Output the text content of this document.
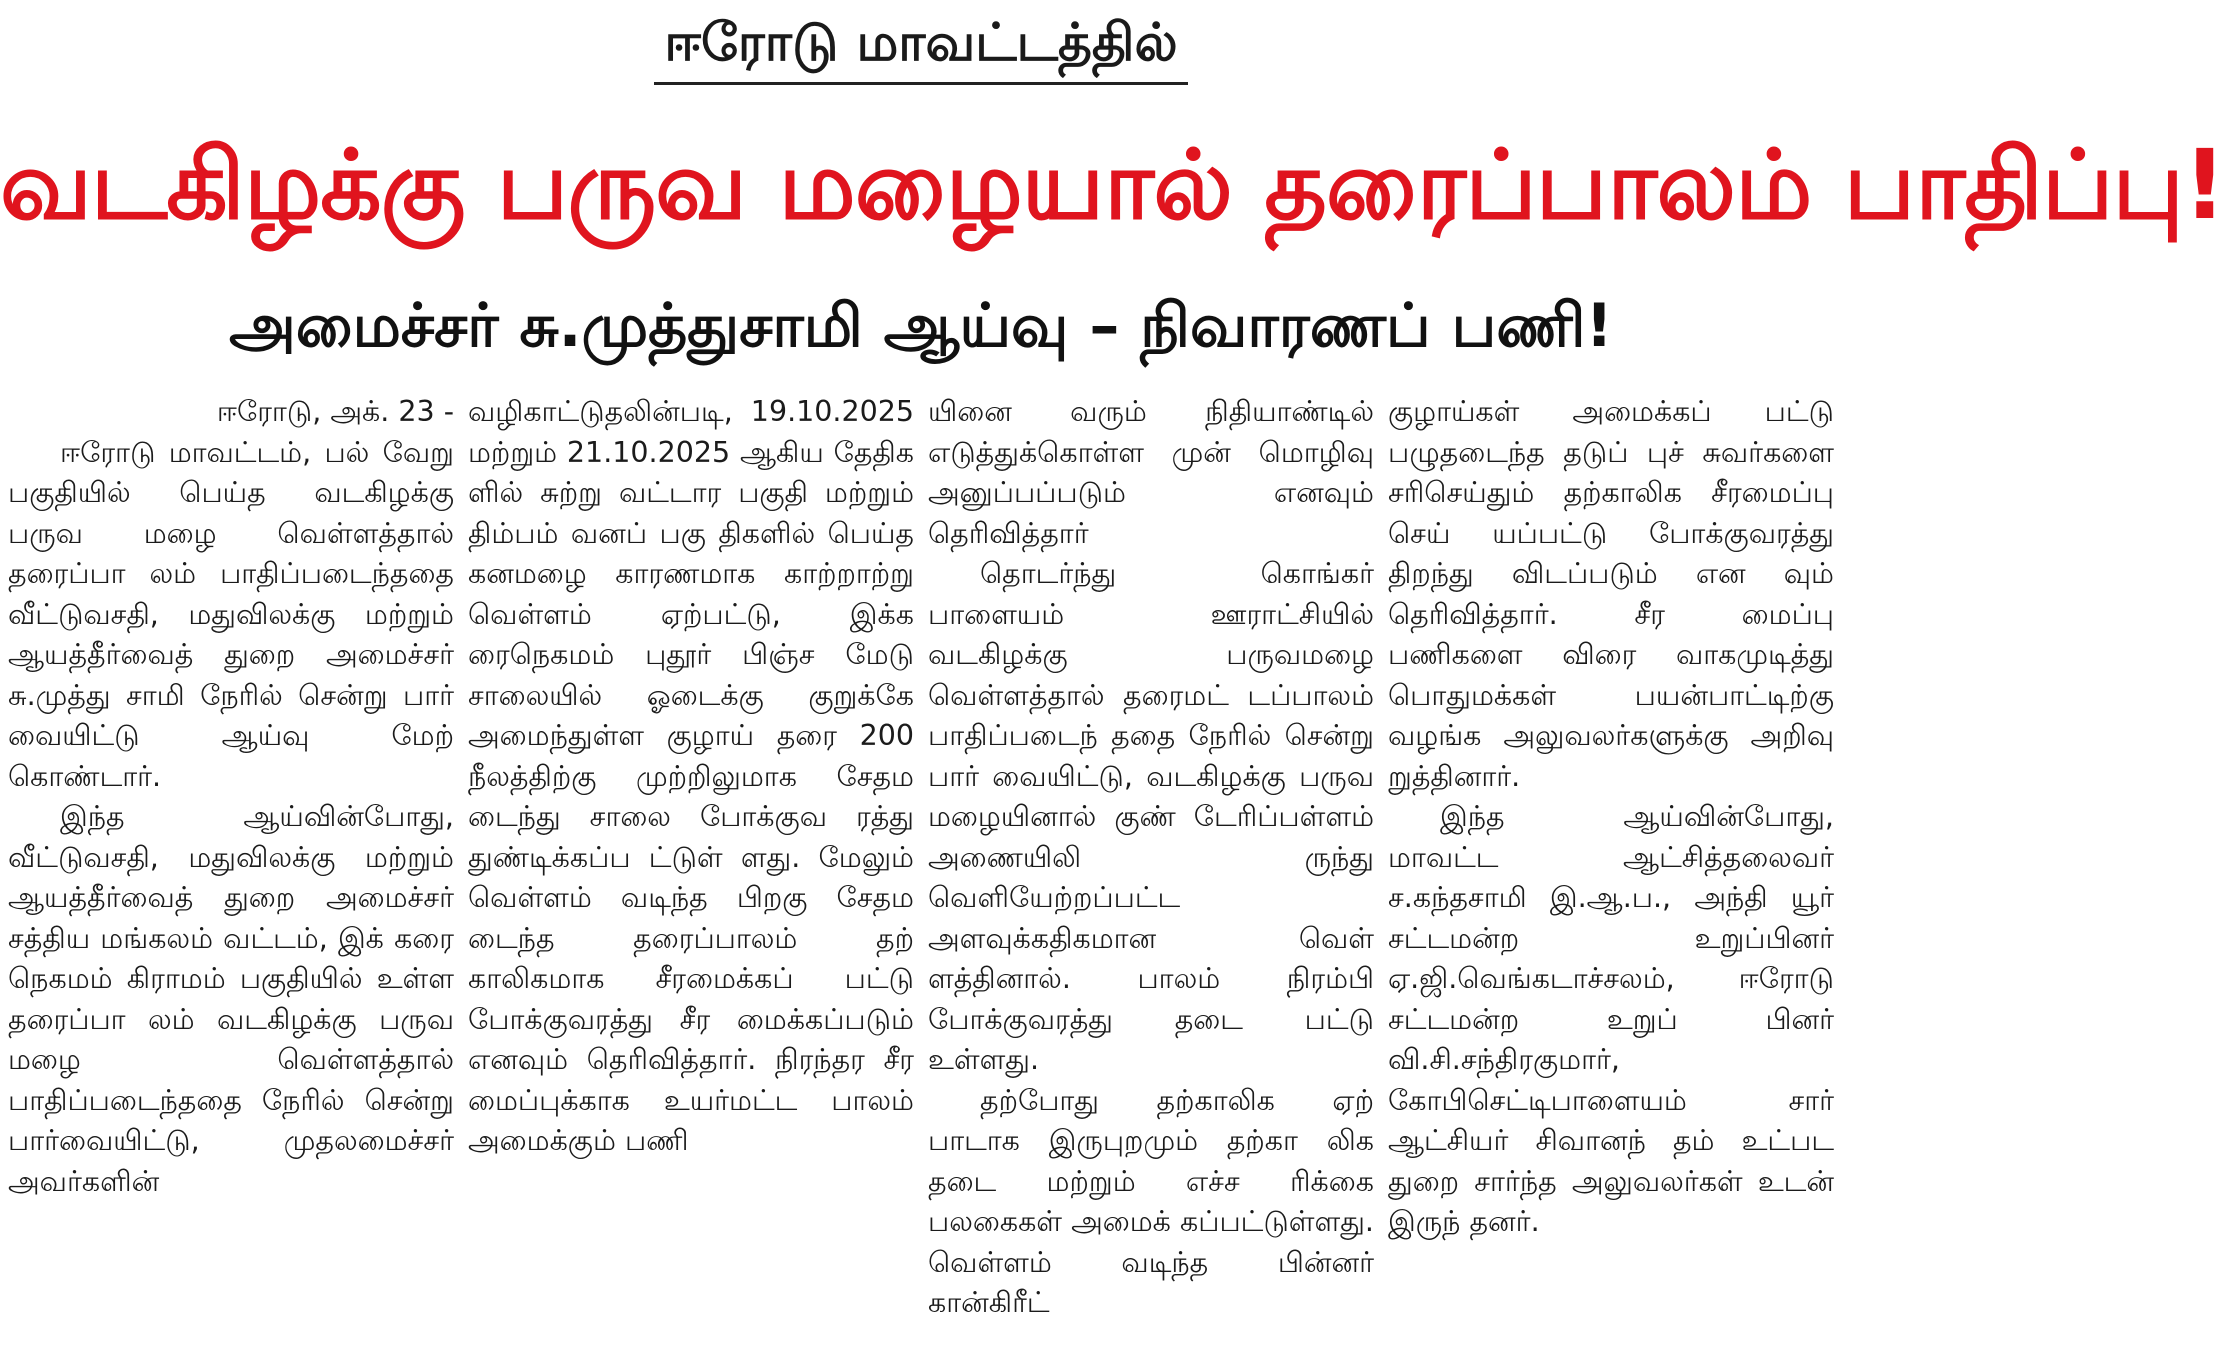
ஈரோடு மாவட்டத்தில்
வடகிழக்கு பருவ மழையால் தரைப்பாலம் பாதிப்பு!
அமைச்சர் சு.முத்துசாமி ஆய்வு – நிவாரணப் பணி!

ஈரோடு, அக். 23 -

ஈரோடு மாவட்டம், பல் வேறு பகுதியில் பெய்த வடகிழக்கு பருவ மழை வெள்ளத்தால் தரைப்பா லம் பாதிப்படைந்ததை வீட்டுவசதி, மதுவிலக்கு மற்றும் ஆயத்தீர்வைத் துறை அமைச்சர் சு.முத்து சாமி நேரில் சென்று பார் வையிட்டு ஆய்வு மேற் கொண்டார்.

இந்த ஆய்வின்போது, வீட்டுவசதி, மதுவிலக்கு மற்றும் ஆயத்தீர்வைத் துறை அமைச்சர் சத்திய மங்கலம் வட்டம், இக் கரை நெகமம் கிராமம் பகுதியில் உள்ள தரைப்பா லம் வடகிழக்கு பருவ மழை வெள்ளத்தால் பாதிப்படைந்ததை நேரில் சென்று பார்வையிட்டு, முதலமைச்சர் அவர்களின்

வழிகாட்டுதலின்படி, 19.10.2025 மற்றும் 21.10.2025 ஆகிய தேதிக ளில் சுற்று வட்டார பகுதி மற்றும் திம்பம் வனப் பகு திகளில் பெய்த கனமழை காரணமாக காற்றாற்று வெள்ளம் ஏற்பட்டு, இக்க ரைநெகமம் புதூர் பிஞ்ச மேடு சாலையில் ஓடைக்கு குறுக்கே அமைந்துள்ள குழாய் தரை 200 நீலத்திற்கு முற்றிலுமாக சேதம டைந்து சாலை போக்குவ ரத்து துண்டிக்கப்ப ட்டுள் ளது. மேலும் வெள்ளம் வடிந்த பிறகு சேதம டைந்த தரைப்பாலம் தற் காலிகமாக சீரமைக்கப் பட்டு போக்குவரத்து சீர மைக்கப்படும் எனவும் தெரிவித்தார். நிரந்தர சீர மைப்புக்காக உயர்மட்ட பாலம் அமைக்கும் பணி

யினை வரும் நிதியாண்டில் எடுத்துக்கொள்ள முன் மொழிவு அனுப்பப்படும் எனவும் தெரிவித்தார்

தொடர்ந்து கொங்கர் பாளையம் ஊராட்சியில் வடகிழக்கு பருவமழை வெள்ளத்தால் தரைமட் டப்பாலம் பாதிப்படைந் ததை நேரில் சென்று பார் வையிட்டு, வடகிழக்கு பருவ மழையினால் குண் டேரிப்பள்ளம் அணையிலி ருந்து வெளியேற்றப்பட்ட அளவுக்கதிகமான வெள் ளத்தினால். பாலம் நிரம்பி போக்குவரத்து தடை பட்டு உள்ளது.

தற்போது தற்காலிக ஏற் பாடாக இருபுறமும் தற்கா லிக தடை மற்றும் எச்ச ரிக்கை பலகைகள் அமைக் கப்பட்டுள்ளது. வெள்ளம் வடிந்த பின்னர் கான்கிரீட்

குழாய்கள் அமைக்கப் பட்டு பழுதடைந்த தடுப் புச் சுவர்களை சரிசெய்தும் தற்காலிக சீரமைப்பு செய் யப்பட்டு போக்குவரத்து திறந்து விடப்படும் என வும் தெரிவித்தார். சீர மைப்பு பணிகளை விரை வாகமுடித்து பொதுமக்கள் பயன்பாட்டிற்கு வழங்க அலுவலர்களுக்கு அறிவு றுத்தினார்.

இந்த ஆய்வின்போது, மாவட்ட ஆட்சித்தலைவர் ச.கந்தசாமி இ.ஆ.ப., அந்தி யூர் சட்டமன்ற உறுப்பினர் ஏ.ஜி.வெங்கடாச்சலம், ஈரோடு சட்டமன்ற உறுப் பினர் வி.சி.சந்திரகுமார், கோபிசெட்டிபாளையம் சார் ஆட்சியர் சிவானந் தம் உட்பட துறை சார்ந்த அலுவலர்கள் உடன் இருந் தனர்.
